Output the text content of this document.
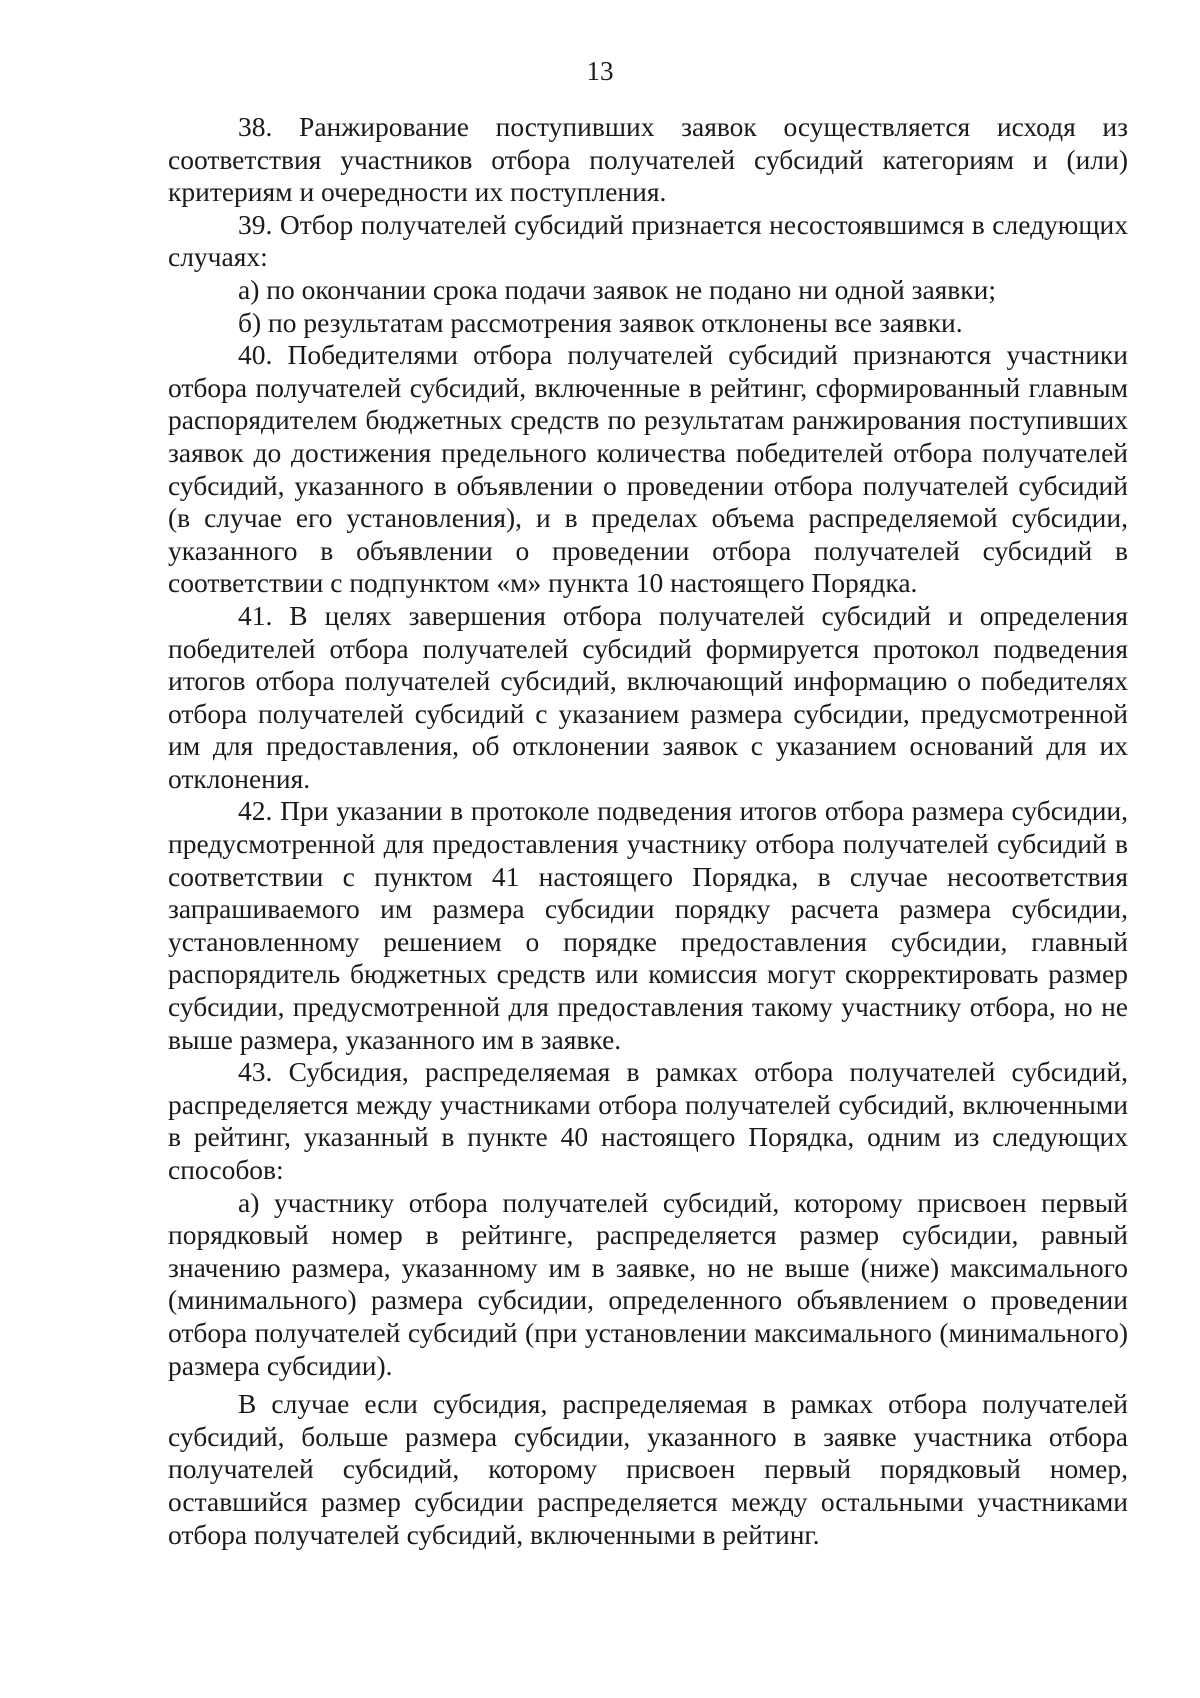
13

38. Ранжирование поступивших заявок осуществляется исходя из соответствия участников отбора получателей субсидий категориям и (или) критериям и очередности их поступления.

39. Отбор получателей субсидий признается несостоявшимся в следующих случаях:

а) по окончании срока подачи заявок не подано ни одной заявки;

б) по результатам рассмотрения заявок отклонены все заявки.

40. Победителями отбора получателей субсидий признаются участники отбора получателей субсидий, включенные в рейтинг, сформированный главным распорядителем бюджетных средств по результатам ранжирования поступивших заявок до достижения предельного количества победителей отбора получателей субсидий, указанного в объявлении о проведении отбора получателей субсидий (в случае его установления), и в пределах объема распределяемой субсидии, указанного в объявлении о проведении отбора получателей субсидий в соответствии с подпунктом «м» пункта 10 настоящего Порядка.

41. В целях завершения отбора получателей субсидий и определения победителей отбора получателей субсидий формируется протокол подведения итогов отбора получателей субсидий, включающий информацию о победителях отбора получателей субсидий с указанием размера субсидии, предусмотренной им для предоставления, об отклонении заявок с указанием оснований для их отклонения.

42. При указании в протоколе подведения итогов отбора размера субсидии, предусмотренной для предоставления участнику отбора получателей субсидий в соответствии с пунктом 41 настоящего Порядка, в случае несоответствия запрашиваемого им размера субсидии порядку расчета размера субсидии, установленному решением о порядке предоставления субсидии, главный распорядитель бюджетных средств или комиссия могут скорректировать размер субсидии, предусмотренной для предоставления такому участнику отбора, но не выше размера, указанного им в заявке.

43. Субсидия, распределяемая в рамках отбора получателей субсидий, распределяется между участниками отбора получателей субсидий, включенными в рейтинг, указанный в пункте 40 настоящего Порядка, одним из следующих способов:

а) участнику отбора получателей субсидий, которому присвоен первый порядковый номер в рейтинге, распределяется размер субсидии, равный значению размера, указанному им в заявке, но не выше (ниже) максимального (минимального) размера субсидии, определенного объявлением о проведении отбора получателей субсидий (при установлении максимального (минимального) размера субсидии).

В случае если субсидия, распределяемая в рамках отбора получателей субсидий, больше размера субсидии, указанного в заявке участника отбора получателей субсидий, которому присвоен первый порядковый номер, оставшийся размер субсидии распределяется между остальными участниками отбора получателей субсидий, включенными в рейтинг.
